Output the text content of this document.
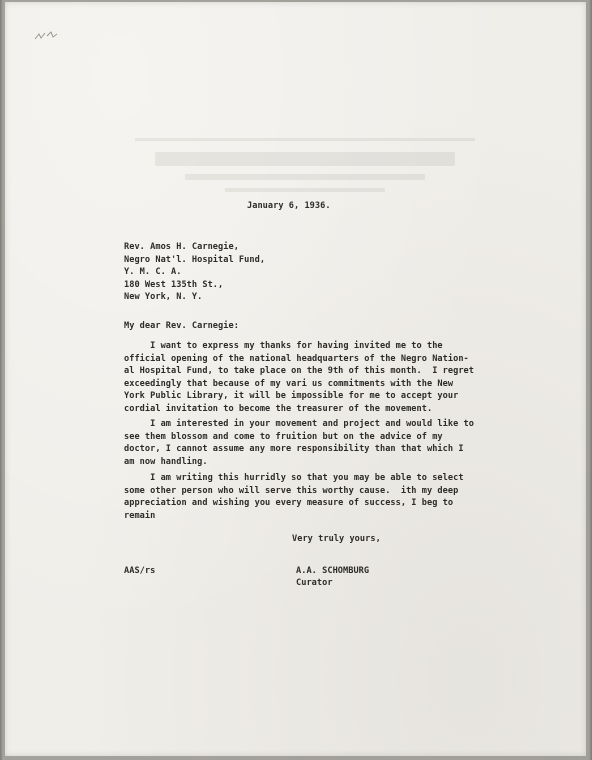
January 6, 1936.

Rev. Amos H. Carnegie,
Negro Nat'l. Hospital Fund,
Y. M. C. A.
180 West 135th St.,
New York, N. Y.

My dear Rev. Carnegie:

I want to express my thanks for having invited me to the
official opening of the national headquarters of the Negro Nation-
al Hospital Fund, to take place on the 9th of this month.  I regret
exceedingly that because of my vari us commitments with the New
York Public Library, it will be impossible for me to accept your
cordial invitation to become the treasurer of the movement.
I am interested in your movement and project and would like to
see them blossom and come to fruition but on the advice of my
doctor, I cannot assume any more responsibility than that which I
am now handling.
I am writing this hurridly so that you may be able to select
some other person who will serve this worthy cause.  ith my deep
appreciation and wishing you every measure of success, I beg to
remain

Very truly yours,

AAS/rs	A.A. SCHOMBURG

Curator
